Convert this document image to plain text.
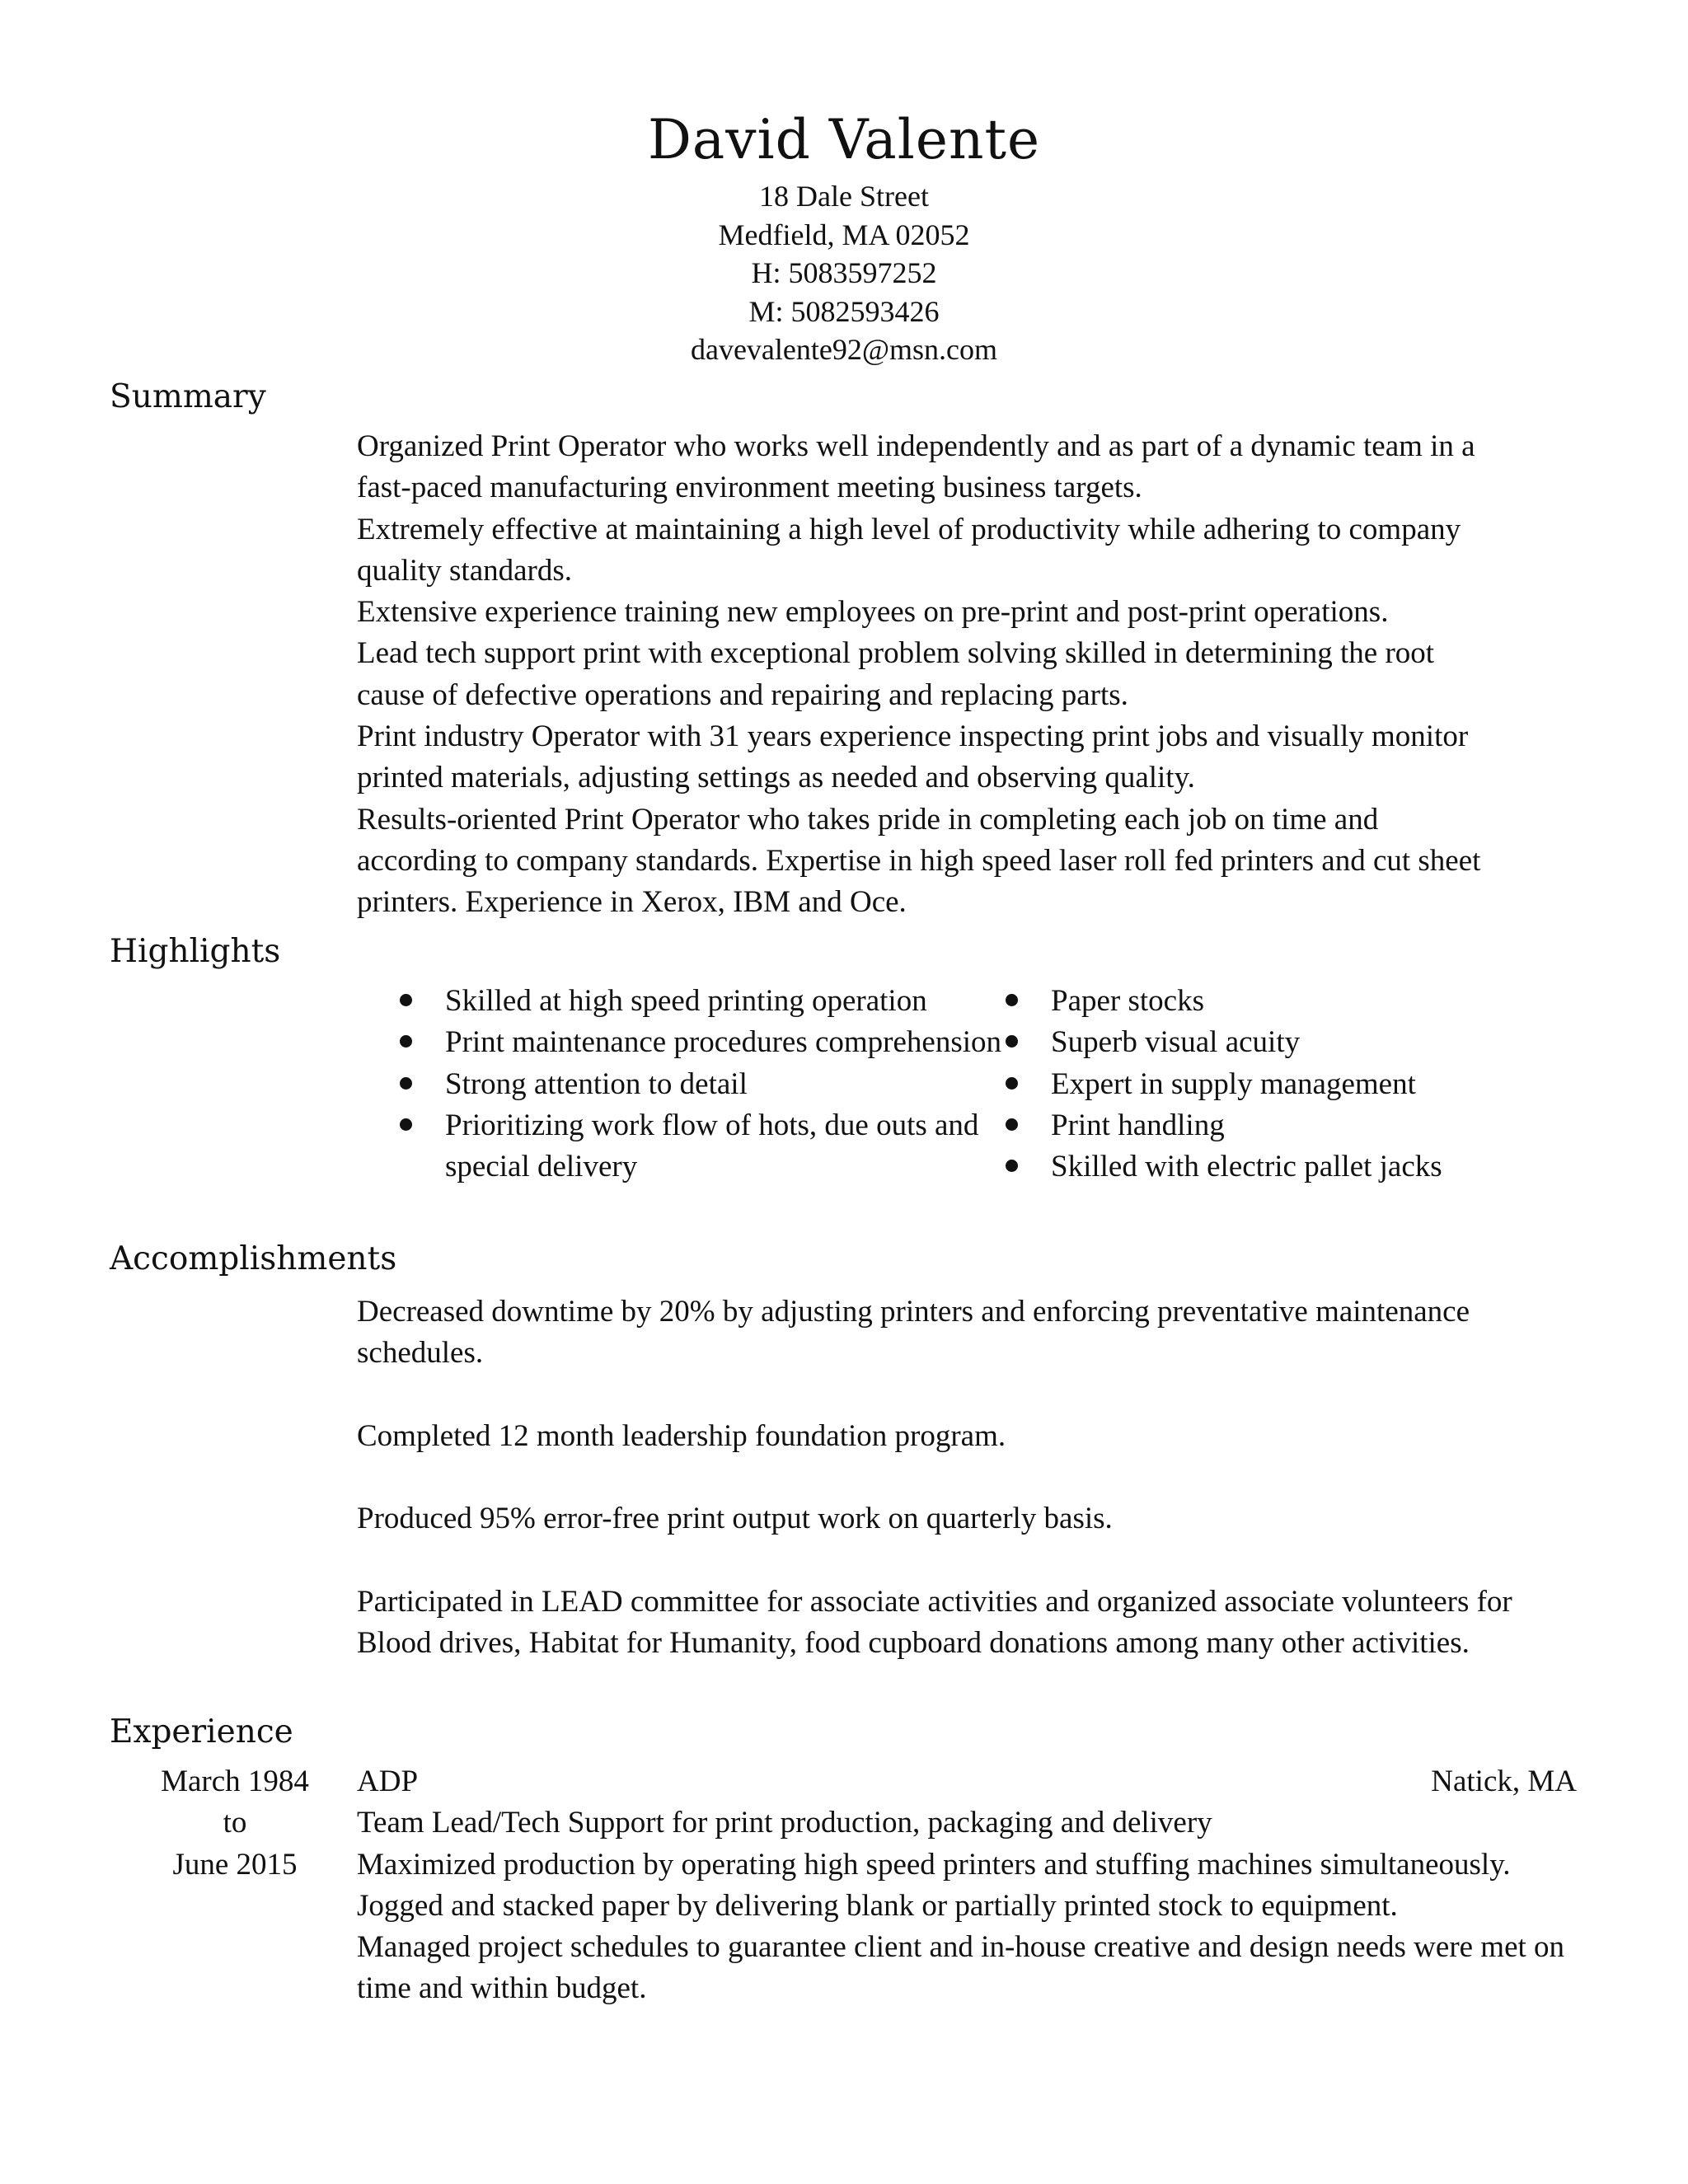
David Valente
18 Dale Street
Medfield, MA 02052
H: 5083597252
M: 5082593426
davevalente92@msn.com
Summary
Organized Print Operator who works well independently and as part of a dynamic team in a
fast-paced manufacturing environment meeting business targets.
Extremely effective at maintaining a high level of productivity while adhering to company
quality standards.
Extensive experience training new employees on pre-print and post-print operations.
Lead tech support print with exceptional problem solving skilled in determining the root
cause of defective operations and repairing and replacing parts.
Print industry Operator with 31 years experience inspecting print jobs and visually monitor
printed materials, adjusting settings as needed and observing quality.
Results-oriented Print Operator who takes pride in completing each job on time and
according to company standards. Expertise in high speed laser roll fed printers and cut sheet
printers. Experience in Xerox, IBM and Oce.
Highlights
Skilled at high speed printing operation
Print maintenance procedures comprehension
Strong attention to detail
Prioritizing work flow of hots, due outs and special delivery
Paper stocks
Superb visual acuity
Expert in supply management
Print handling
Skilled with electric pallet jacks
Accomplishments

Decreased downtime by 20% by adjusting printers and enforcing preventative maintenance schedules.

Completed 12 month leadership foundation program.

Produced 95% error-free print output work on quarterly basis.

Participated in LEAD committee for associate activities and organized associate volunteers for Blood drives, Habitat for Humanity, food cupboard donations among many other activities.

Experience
March 1984
to
June 2015
ADP	Natick, MA
Team Lead/Tech Support for print production, packaging and delivery
Maximized production by operating high speed printers and stuffing machines simultaneously.
Jogged and stacked paper by delivering blank or partially printed stock to equipment.
Managed project schedules to guarantee client and in-house creative and design needs were met on time and within budget.
